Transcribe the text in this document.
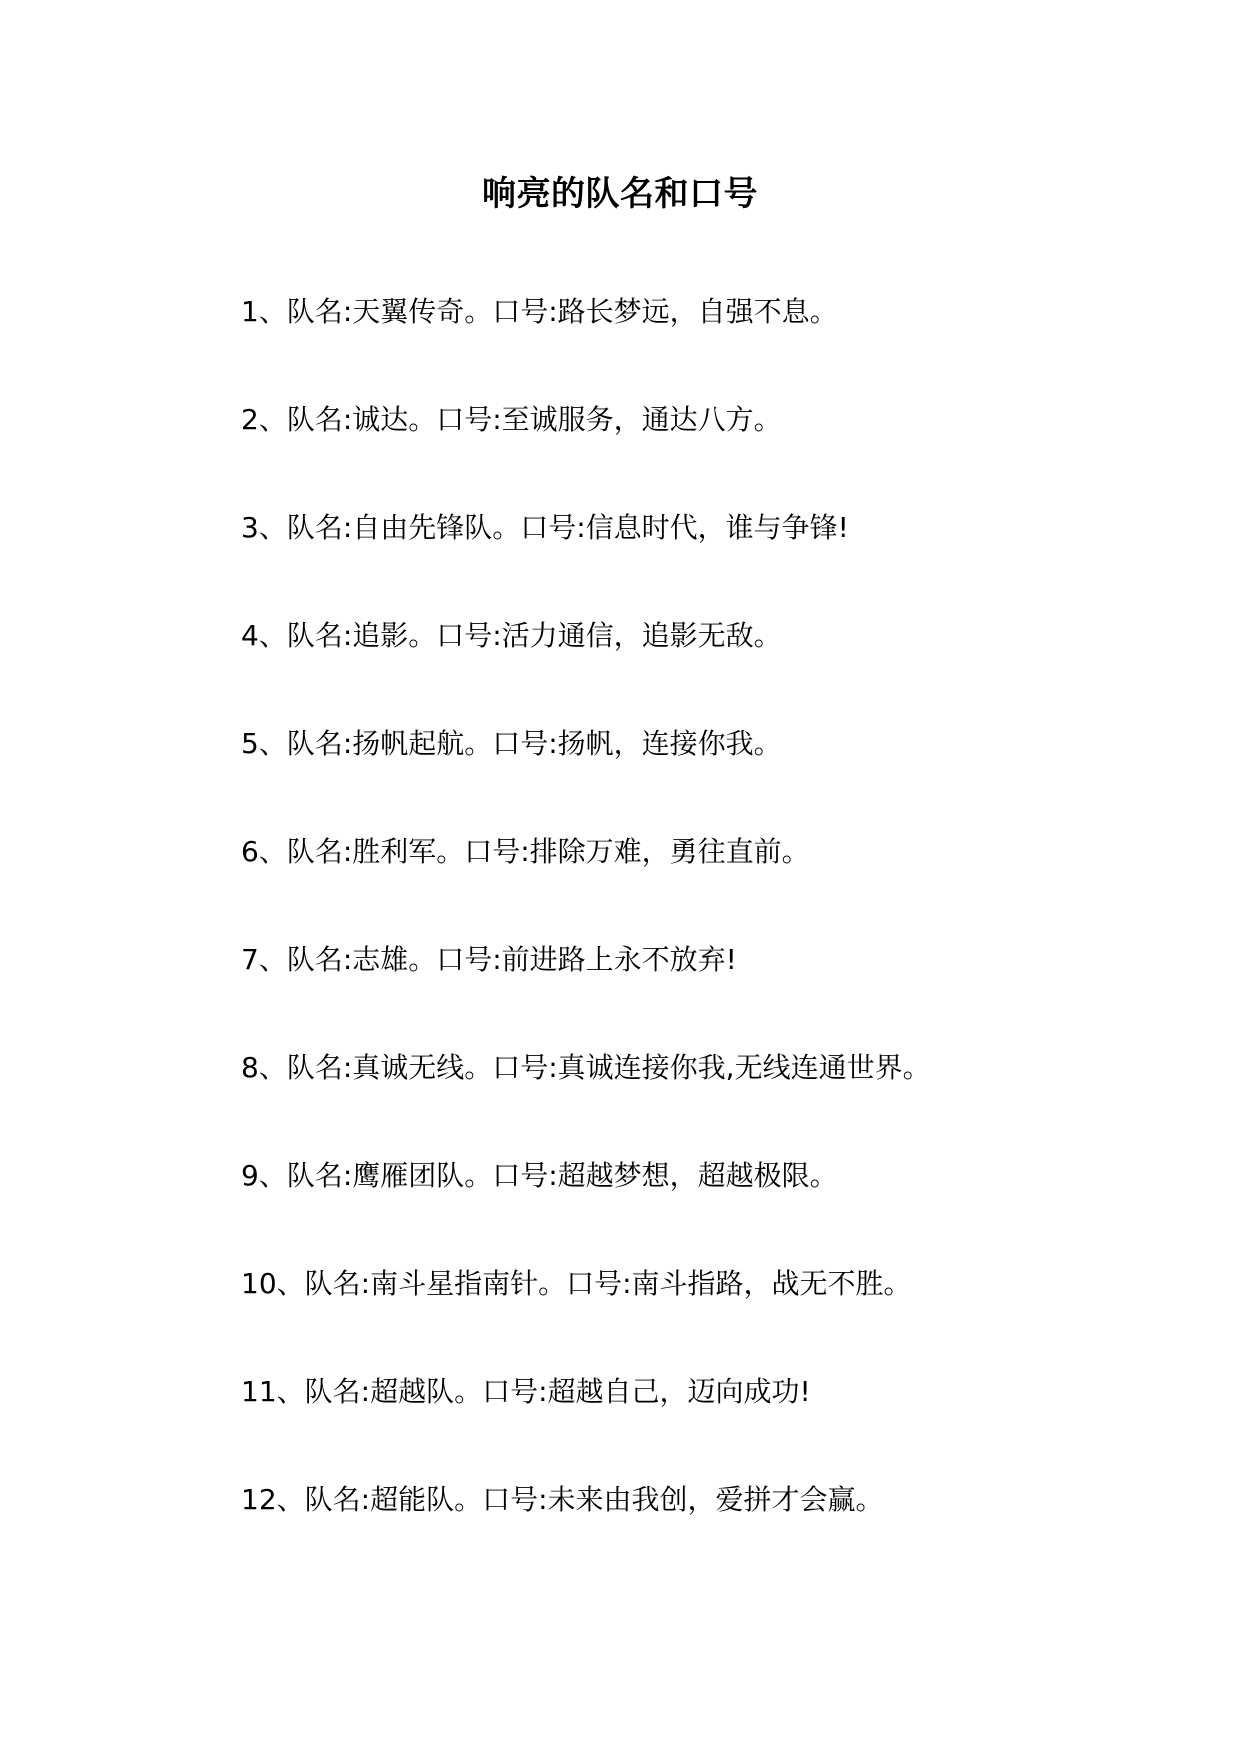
响亮的队名和口号
1、队名:天翼传奇。口号:路长梦远，自强不息。
2、队名:诚达。口号:至诚服务，通达八方。
3、队名:自由先锋队。口号:信息时代，谁与争锋!
4、队名:追影。口号:活力通信，追影无敌。
5、队名:扬帆起航。口号:扬帆，连接你我。
6、队名:胜利军。口号:排除万难，勇往直前。
7、队名:志雄。口号:前进路上永不放弃!
8、队名:真诚无线。口号:真诚连接你我,无线连通世界。
9、队名:鹰雁团队。口号:超越梦想，超越极限。
10、队名:南斗星指南针。口号:南斗指路，战无不胜。
11、队名:超越队。口号:超越自己，迈向成功!
12、队名:超能队。口号:未来由我创，爱拼才会赢。
